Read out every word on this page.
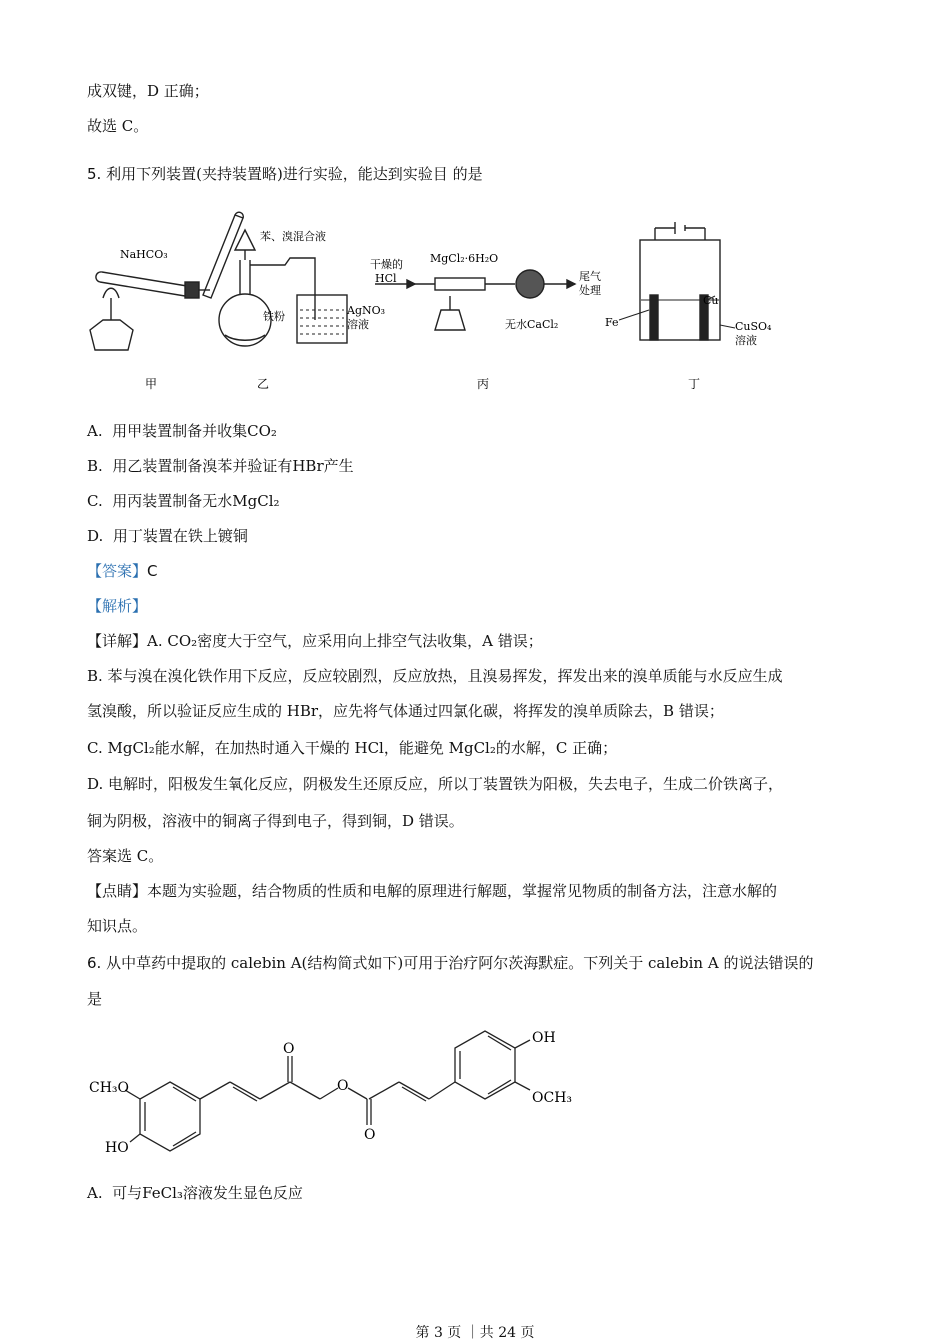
成双键，D 正确；
故选 C。
5. 利用下列装置(夹持装置略)进行实验，能达到实验目 的是
NaHCO₃
苯、溴混合液
铁粉	AgNO₃
溶液
干燥的
HCl
MgCl₂·6H₂O
尾气
处理
无水CaCl₂	Fe
Cu
CuSO₄
溶液
甲	乙	丙	丁
A. 用甲装置制备并收集CO₂
B. 用乙装置制备溴苯并验证有HBr产生
C. 用丙装置制备无水MgCl₂
D. 用丁装置在铁上镀铜
【答案】C
【解析】
【详解】A. CO₂密度大于空气，应采用向上排空气法收集，A 错误；
B. 苯与溴在溴化铁作用下反应，反应较剧烈，反应放热，且溴易挥发，挥发出来的溴单质能与水反应生成
氢溴酸，所以验证反应生成的 HBr，应先将气体通过四氯化碳，将挥发的溴单质除去，B 错误；
C. MgCl₂能水解，在加热时通入干燥的 HCl，能避免 MgCl₂的水解，C 正确；
D. 电解时，阳极发生氧化反应，阴极发生还原反应，所以丁装置铁为阳极，失去电子，生成二价铁离子，
铜为阴极，溶液中的铜离子得到电子，得到铜，D 错误。
答案选 C。
【点睛】本题为实验题，结合物质的性质和电解的原理进行解题，掌握常见物质的制备方法，注意水解的
知识点。
6. 从中草药中提取的 calebin A(结构简式如下)可用于治疗阿尔茨海默症。下列关于 calebin A 的说法错误的
是
CH₃O
HO
O
O
O
OH
OCH₃
A. 可与FeCl₃溶液发生显色反应
第 3 页 ｜共 24 页
